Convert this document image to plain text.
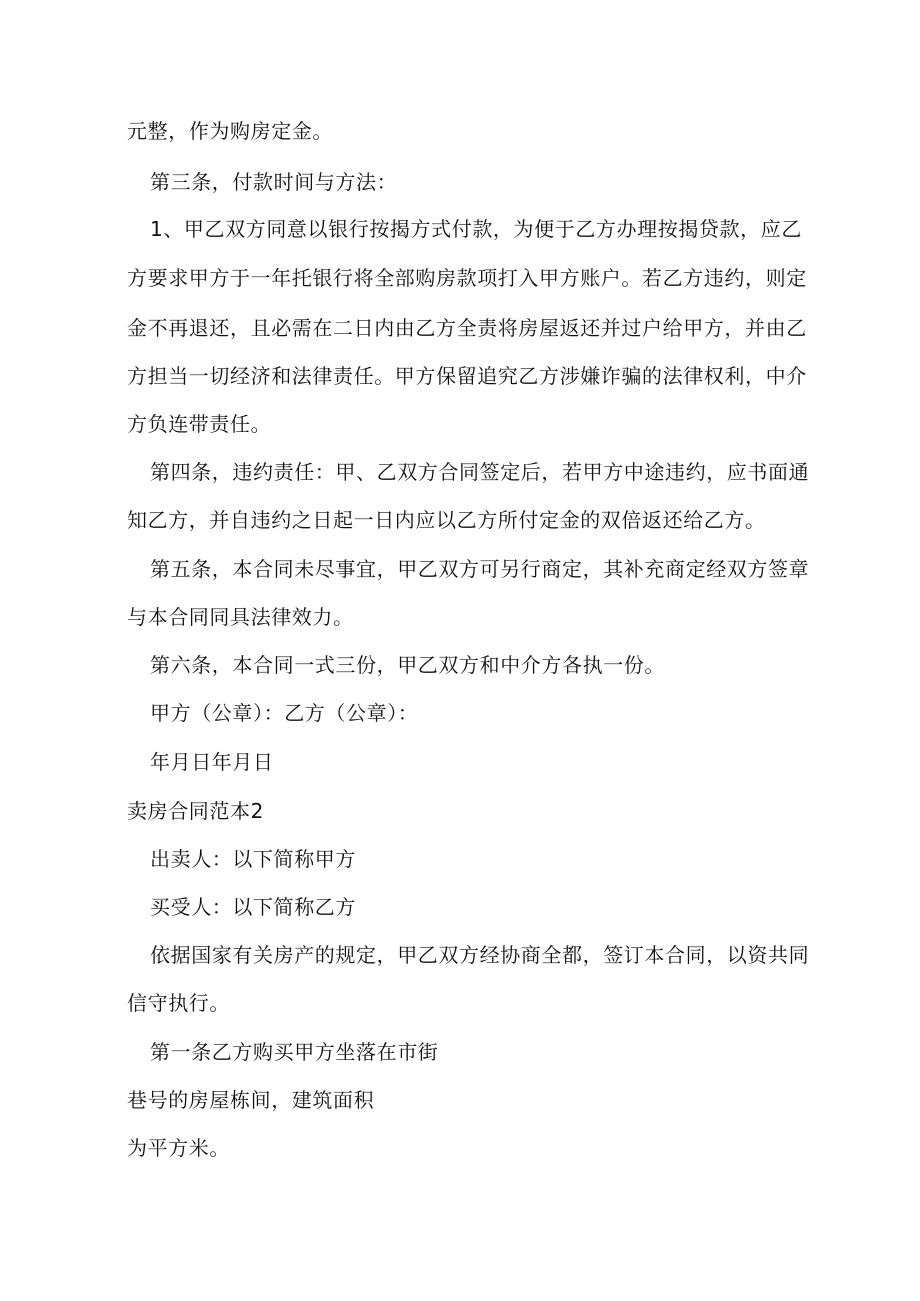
元整，作为购房定金。
第三条，付款时间与方法：
1、甲乙双方同意以银行按揭方式付款，为便于乙方办理按揭贷款，应乙
方要求甲方于一年托银行将全部购房款项打入甲方账户。若乙方违约，则定
金不再退还，且必需在二日内由乙方全责将房屋返还并过户给甲方，并由乙
方担当一切经济和法律责任。甲方保留追究乙方涉嫌诈骗的法律权利，中介
方负连带责任。
第四条，违约责任：甲、乙双方合同签定后，若甲方中途违约，应书面通
知乙方，并自违约之日起一日内应以乙方所付定金的双倍返还给乙方。
第五条，本合同未尽事宜，甲乙双方可另行商定，其补充商定经双方签章
与本合同同具法律效力。
第六条，本合同一式三份，甲乙双方和中介方各执一份。
甲方（公章）：乙方（公章）：
年月日年月日
卖房合同范本2
出卖人：以下简称甲方
买受人：以下简称乙方
依据国家有关房产的规定，甲乙双方经协商全都，签订本合同，以资共同
信守执行。
第一条乙方购买甲方坐落在市街
巷号的房屋栋间，建筑面积
为平方米。
